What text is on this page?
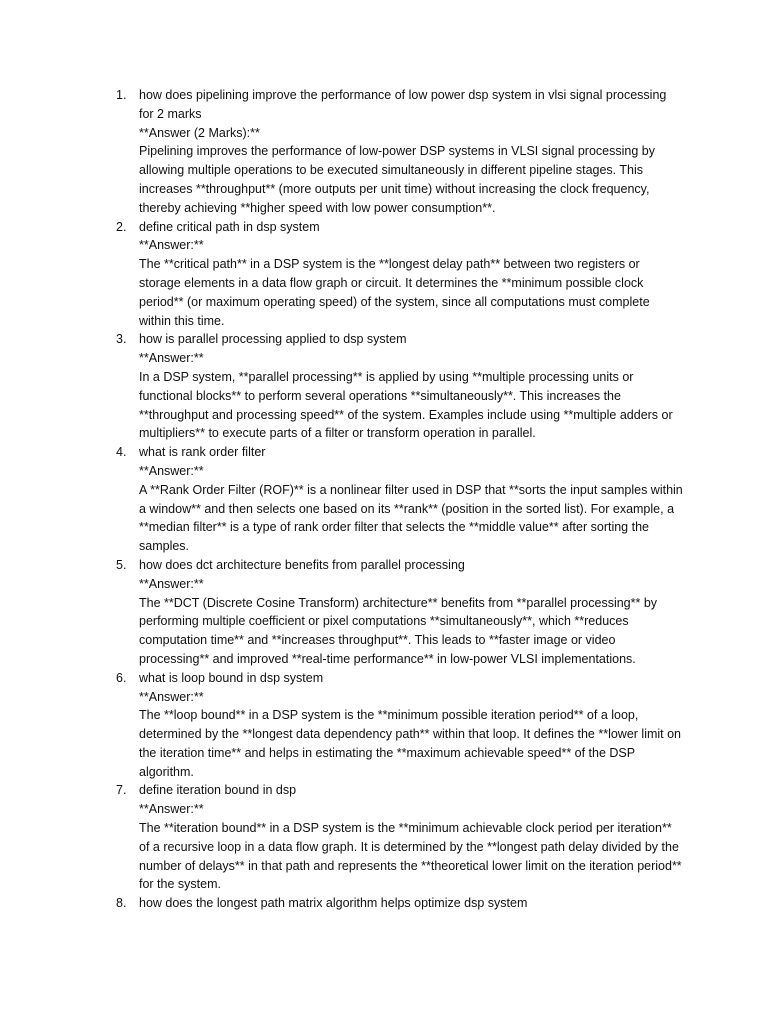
1. how does pipelining improve the performance of low power dsp system in vlsi signal processing for 2 marks
**Answer (2 Marks):**
Pipelining improves the performance of low-power DSP systems in VLSI signal processing by allowing multiple operations to be executed simultaneously in different pipeline stages. This increases **throughput** (more outputs per unit time) without increasing the clock frequency, thereby achieving **higher speed with low power consumption**.
2. define critical path in dsp system
**Answer:**
The **critical path** in a DSP system is the **longest delay path** between two registers or storage elements in a data flow graph or circuit. It determines the **minimum possible clock period** (or maximum operating speed) of the system, since all computations must complete within this time.
3. how is parallel processing applied to dsp system
**Answer:**
In a DSP system, **parallel processing** is applied by using **multiple processing units or functional blocks** to perform several operations **simultaneously**. This increases the **throughput and processing speed** of the system. Examples include using **multiple adders or multipliers** to execute parts of a filter or transform operation in parallel.
4. what is rank order filter
**Answer:**
A **Rank Order Filter (ROF)** is a nonlinear filter used in DSP that **sorts the input samples within a window** and then selects one based on its **rank** (position in the sorted list). For example, a **median filter** is a type of rank order filter that selects the **middle value** after sorting the samples.
5. how does dct architecture benefits from parallel processing
**Answer:**
The **DCT (Discrete Cosine Transform) architecture** benefits from **parallel processing** by performing multiple coefficient or pixel computations **simultaneously**, which **reduces computation time** and **increases throughput**. This leads to **faster image or video processing** and improved **real-time performance** in low-power VLSI implementations.
6. what is loop bound in dsp system
**Answer:**
The **loop bound** in a DSP system is the **minimum possible iteration period** of a loop, determined by the **longest data dependency path** within that loop. It defines the **lower limit on the iteration time** and helps in estimating the **maximum achievable speed** of the DSP algorithm.
7. define iteration bound in dsp
**Answer:**
The **iteration bound** in a DSP system is the **minimum achievable clock period per iteration** of a recursive loop in a data flow graph. It is determined by the **longest path delay divided by the number of delays** in that path and represents the **theoretical lower limit on the iteration period** for the system.
8. how does the longest path matrix algorithm helps optimize dsp system
